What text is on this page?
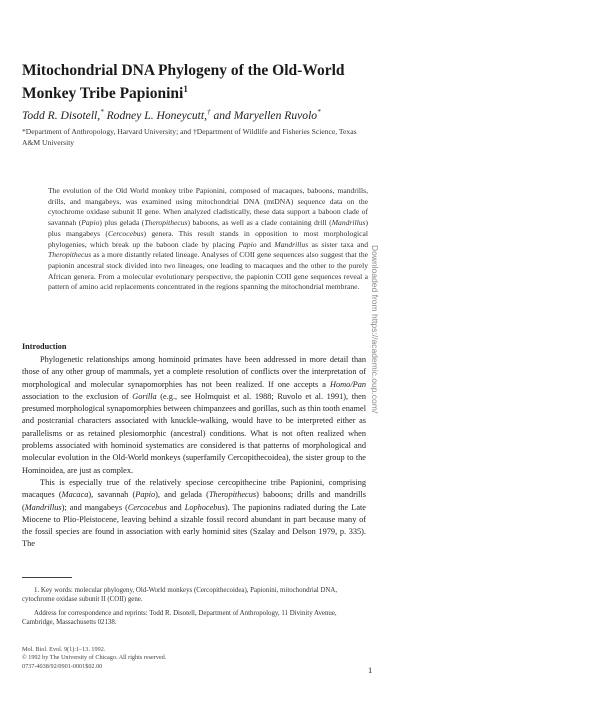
Mitochondrial DNA Phylogeny of the Old-World
Monkey Tribe Papionini$^1$
Todd R. Disotell,* Rodney L. Honeycutt,† and Maryellen Ruvolo*
*Department of Anthropology, Harvard University; and †Department of Wildlife and Fisheries Science, Texas A&M University
The evolution of the Old World monkey tribe Papionini, composed of macaques, baboons, mandrills, drills, and mangabeys, was examined using mitochondrial DNA (mtDNA) sequence data on the cytochrome oxidase subunit II gene. When analyzed cladistically, these data support a baboon clade of savannah (Papio) plus gelada (Theropithecus) baboons, as well as a clade containing drill (Mandrillus) plus mangabeys (Cercocebus) genera. This result stands in opposition to most morphological phylogenies, which break up the baboon clade by placing Papio and Mandrillus as sister taxa and Theropithecus as a more distantly related lineage. Analyses of COII gene sequences also suggest that the papionin ancestral stock divided into two lineages, one leading to macaques and the other to the purely African genera. From a molecular evolutionary perspective, the papionin COII gene sequences reveal a pattern of amino acid replacements concentrated in the regions spanning the mitochondrial membrane.
Introduction

Phylogenetic relationships among hominoid primates have been addressed in more detail than those of any other group of mammals, yet a complete resolution of conflicts over the interpretation of morphological and molecular synapomorphies has not been realized. If one accepts a Homo/Pan association to the exclusion of Gorilla (e.g., see Holmquist et al. 1988; Ruvolo et al. 1991), then presumed morphological synapomorphies between chimpanzees and gorillas, such as thin tooth enamel and postcranial characters associated with knuckle-walking, would have to be interpreted either as parallelisms or as retained plesiomorphic (ancestral) conditions. What is not often realized when problems associated with hominoid systematics are considered is that patterns of morphological and molecular evolution in the Old-World monkeys (superfamily Cercopithecoidea), the sister group to the Hominoidea, are just as complex.

This is especially true of the relatively speciose cercopithecine tribe Papionini, comprising macaques (Macaca), savannah (Papio), and gelada (Theropithecus) baboons; drills and mandrills (Mandrillus); and mangabeys (Cercocebus and Lophocebus). The papionins radiated during the Late Miocene to Plio-Pleistocene, leaving behind a sizable fossil record abundant in part because many of the fossil species are found in association with early hominid sites (Szalay and Delson 1979, p. 335). The

1. Key words: molecular phylogeny, Old-World monkeys (Cercopithecoidea), Papionini, mitochondrial DNA, cytochrome oxidase subunit II (COII) gene.

Address for correspondence and reprints: Todd R. Disotell, Department of Anthropology, 11 Divinity Avenue, Cambridge, Massachusetts 02138.

Mol. Biol. Evol. 9(1):1–13. 1992.
© 1992 by The University of Chicago. All rights reserved.
0737-4038/92/0901-0001$02.00	1
Downloaded from https://academic.oup.com/
